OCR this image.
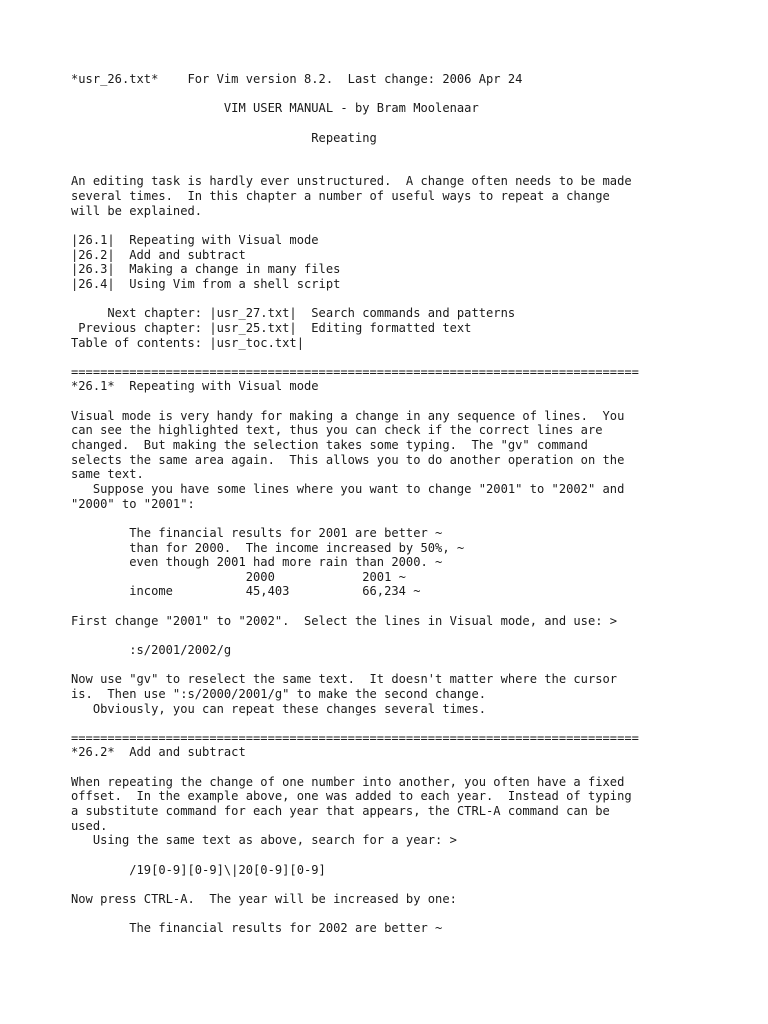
*usr_26.txt*    For Vim version 8.2.  Last change: 2006 Apr 24

VIM USER MANUAL - by Bram Moolenaar

Repeating

An editing task is hardly ever unstructured.  A change often needs to be made

several times.  In this chapter a number of useful ways to repeat a change

will be explained.

|26.1|  Repeating with Visual mode

|26.2|  Add and subtract

|26.3|  Making a change in many files

|26.4|  Using Vim from a shell script

Next chapter: |usr_27.txt|  Search commands and patterns

Previous chapter: |usr_25.txt|  Editing formatted text

Table of contents: |usr_toc.txt|

==============================================================================

*26.1*  Repeating with Visual mode

Visual mode is very handy for making a change in any sequence of lines.  You

can see the highlighted text, thus you can check if the correct lines are

changed.  But making the selection takes some typing.  The "gv" command

selects the same area again.  This allows you to do another operation on the

same text.

Suppose you have some lines where you want to change "2001" to "2002" and

"2000" to "2001":

The financial results for 2001 are better ~

than for 2000.  The income increased by 50%, ~

even though 2001 had more rain than 2000. ~

2000            2001 ~

income          45,403          66,234 ~

First change "2001" to "2002".  Select the lines in Visual mode, and use: >

:s/2001/2002/g

Now use "gv" to reselect the same text.  It doesn't matter where the cursor

is.  Then use ":s/2000/2001/g" to make the second change.

Obviously, you can repeat these changes several times.

==============================================================================

*26.2*  Add and subtract

When repeating the change of one number into another, you often have a fixed

offset.  In the example above, one was added to each year.  Instead of typing

a substitute command for each year that appears, the CTRL-A command can be

used.

Using the same text as above, search for a year: >

/19[0-9][0-9]\|20[0-9][0-9]

Now press CTRL-A.  The year will be increased by one:

The financial results for 2002 are better ~
